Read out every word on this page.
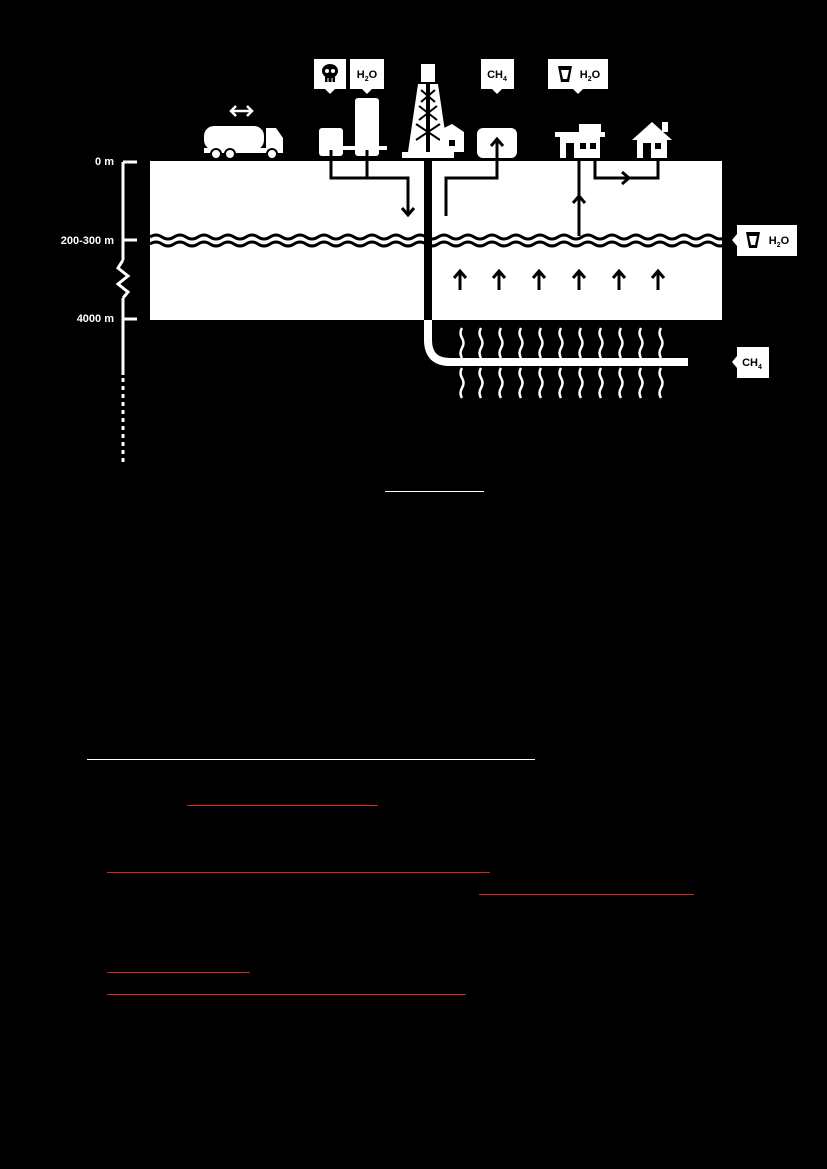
0 m
200-300 m
4000 m
$H_2O$	$CH_4$	$H_2O$
$H_2O$
$CH_4$
